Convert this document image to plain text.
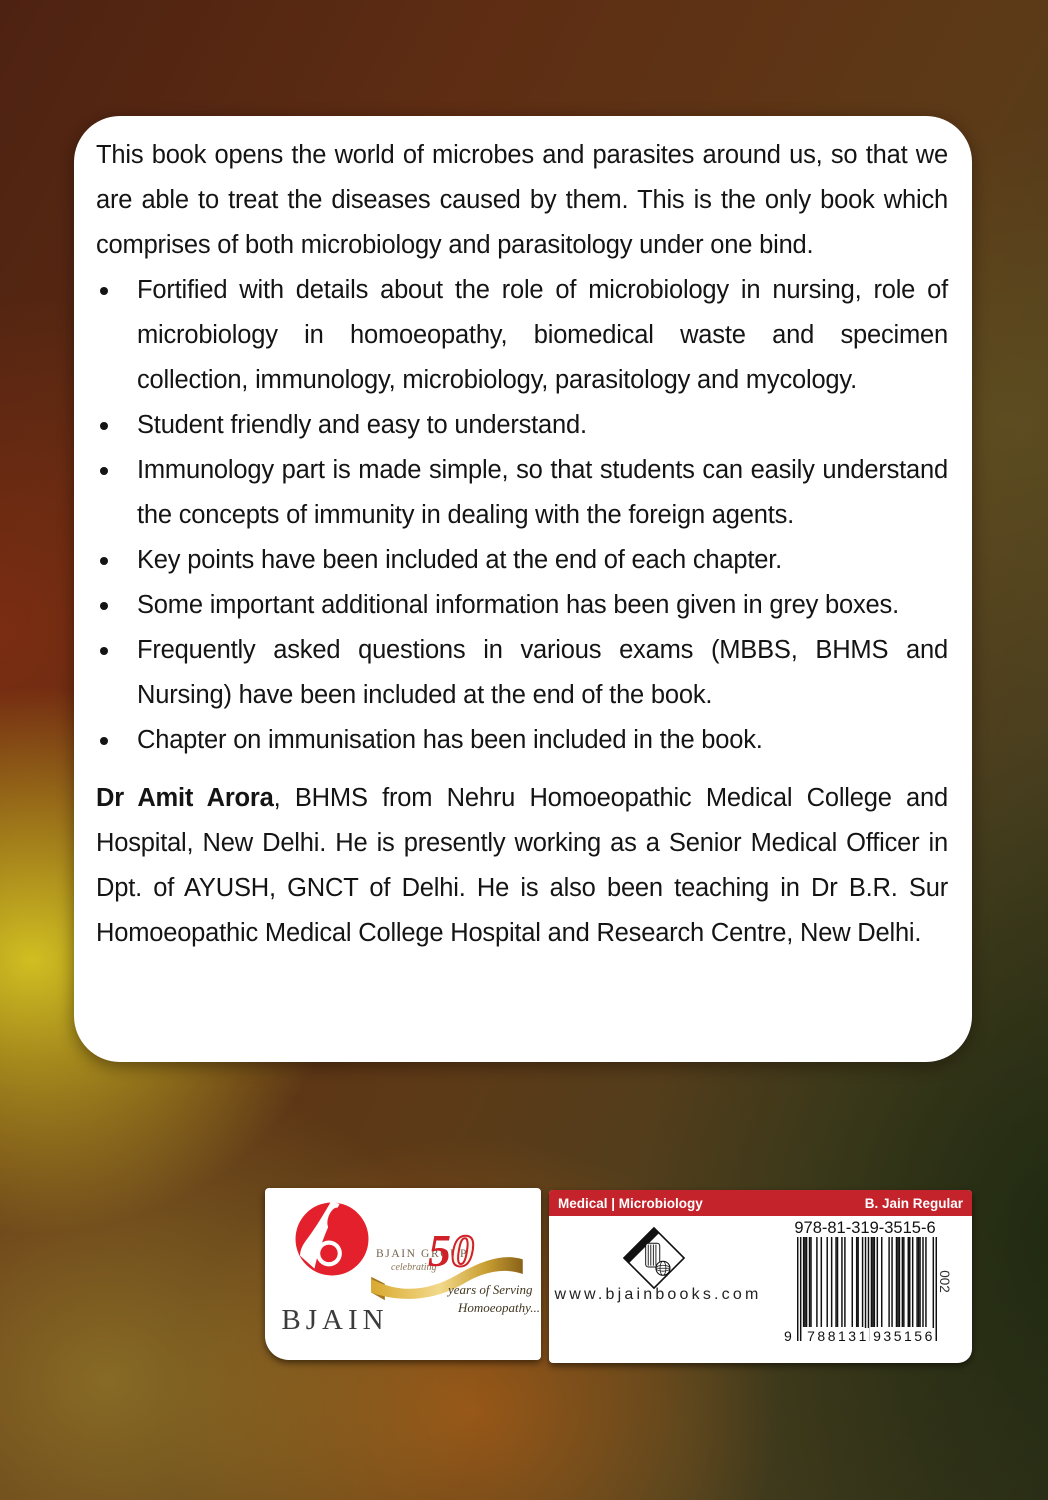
This book opens the world of microbes and parasites around us, so that we are able to treat the diseases caused by them. This is the only book which comprises of both microbiology and parasitology under one bind.

Fortified with details about the role of microbiology in nursing, role of microbiology in homoeopathy, biomedical waste and specimen collection, immunology, microbiology, parasitology and mycology.
Student friendly and easy to understand.
Immunology part is made simple, so that students can easily understand the concepts of immunity in dealing with the foreign agents.
Key points have been included at the end of each chapter.
Some important additional information has been given in grey boxes.
Frequently asked questions in various exams (MBBS, BHMS and Nursing) have been included at the end of the book.
Chapter on immunisation has been included in the book.

Dr Amit Arora, BHMS from Nehru Homoeopathic Medical College and Hospital, New Delhi. He is presently working as a Senior Medical Officer in Dpt. of AYUSH, GNCT of Delhi. He is also been teaching in Dr B.R. Sur Homoeopathic Medical College Hospital and Research Centre, New Delhi.

BJAIN
BJAIN GROUP
celebrating
50
years of Serving
Homoeopathy...
Medical | Microbiology	B. Jain Regular
www.bjainbooks.com
978-81-319-3515-6
9 788131 935156
002
